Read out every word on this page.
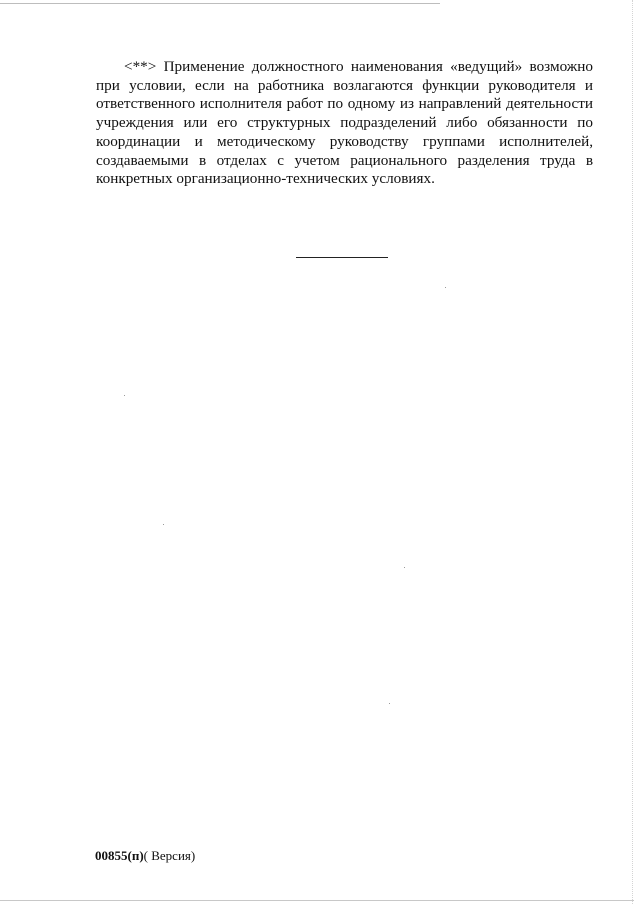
<**> Применение должностного наименования «ведущий» возможно при условии, если на работника возлагаются функции руководителя и ответственного исполнителя работ по одному из направлений деятельности учреждения или его структурных подразделений либо обязанности по координации и методическому руководству группами исполнителей, создаваемыми в отделах с учетом рационального разделения труда в конкретных организационно-технических условиях.

00855(п)( Версия)
